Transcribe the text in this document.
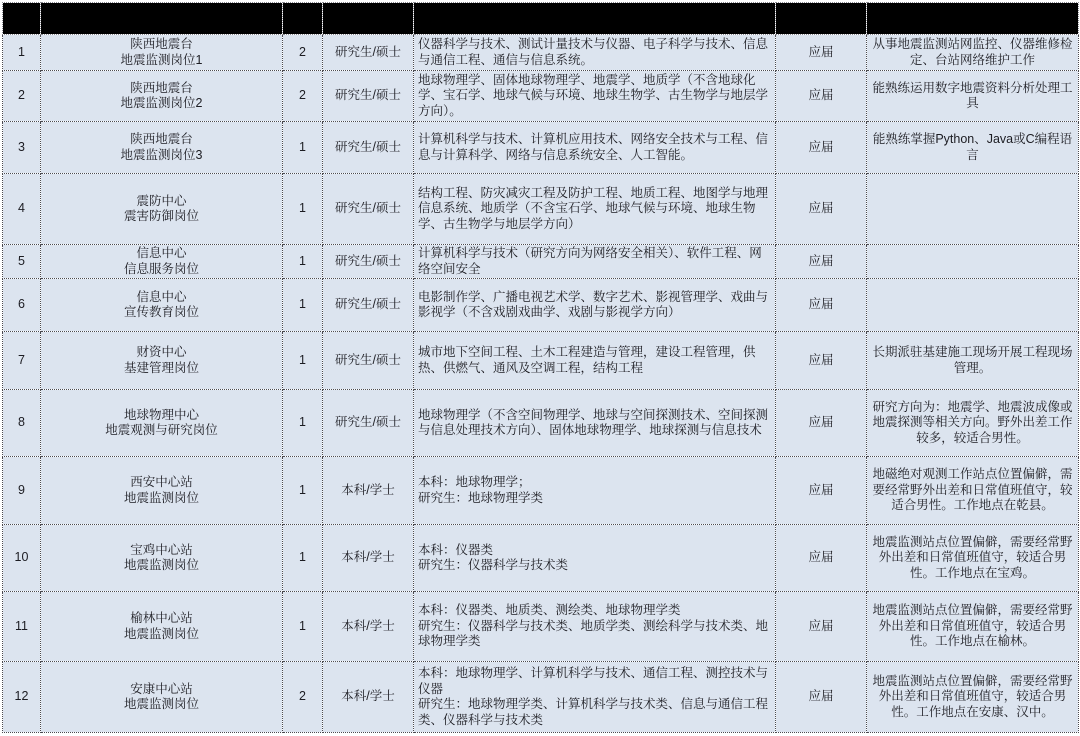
1	陕西地震台
地震监测岗位1	2	研究生/硕士	仪器科学与技术、测试计量技术与仪器、电子科学与技术、信息与通信工程、通信与信息系统。	应届	从事地震监测站网监控、仪器维修检定、台站网络维护工作
2	陕西地震台
地震监测岗位2	2	研究生/硕士	地球物理学、固体地球物理学、地震学、地质学（不含地球化学、宝石学、地球气候与环境、地球生物学、古生物学与地层学方向）。	应届	能熟练运用数字地震资料分析处理工具
3	陕西地震台
地震监测岗位3	1	研究生/硕士	计算机科学与技术、计算机应用技术、网络安全技术与工程、信息与计算科学、网络与信息系统安全、人工智能。	应届	能熟练掌握Python、Java或C编程语言
4	震防中心
震害防御岗位	1	研究生/硕士	结构工程、防灾减灾工程及防护工程、地质工程、地图学与地理信息系统、地质学（不含宝石学、地球气候与环境、地球生物学、古生物学与地层学方向）	应届	
5	信息中心
信息服务岗位	1	研究生/硕士	计算机科学与技术（研究方向为网络安全相关）、软件工程、网络空间安全	应届	
6	信息中心
宣传教育岗位	1	研究生/硕士	电影制作学、广播电视艺术学、数字艺术、影视管理学、戏曲与影视学（不含戏剧戏曲学、戏剧与影视学方向）	应届	
7	财资中心
基建管理岗位	1	研究生/硕士	城市地下空间工程、土木工程建造与管理，建设工程管理，供热、供燃气、通风及空调工程，结构工程	应届	长期派驻基建施工现场开展工程现场管理。
8	地球物理中心
地震观测与研究岗位	1	研究生/硕士	地球物理学（不含空间物理学、地球与空间探测技术、空间探测与信息处理技术方向）、固体地球物理学、地球探测与信息技术	应届	研究方向为：地震学、地震波成像或地震探测等相关方向。野外出差工作较多，较适合男性。
9	西安中心站
地震监测岗位	1	本科/学士	本科：地球物理学；
研究生：地球物理学类	应届	地磁绝对观测工作站点位置偏僻，需要经常野外出差和日常值班值守，较适合男性。工作地点在乾县。
10	宝鸡中心站
地震监测岗位	1	本科/学士	本科：仪器类
研究生：仪器科学与技术类	应届	地震监测站点位置偏僻，需要经常野外出差和日常值班值守，较适合男性。工作地点在宝鸡。
11	榆林中心站
地震监测岗位	1	本科/学士	本科：仪器类、地质类、测绘类、地球物理学类
研究生：仪器科学与技术类、地质学类、测绘科学与技术类、地球物理学类	应届	地震监测站点位置偏僻，需要经常野外出差和日常值班值守，较适合男性。工作地点在榆林。
12	安康中心站
地震监测岗位	2	本科/学士	本科：地球物理学、计算机科学与技术、通信工程、测控技术与仪器
研究生：地球物理学类、计算机科学与技术类、信息与通信工程类、仪器科学与技术类	应届	地震监测站点位置偏僻，需要经常野外出差和日常值班值守，较适合男性。工作地点在安康、汉中。
